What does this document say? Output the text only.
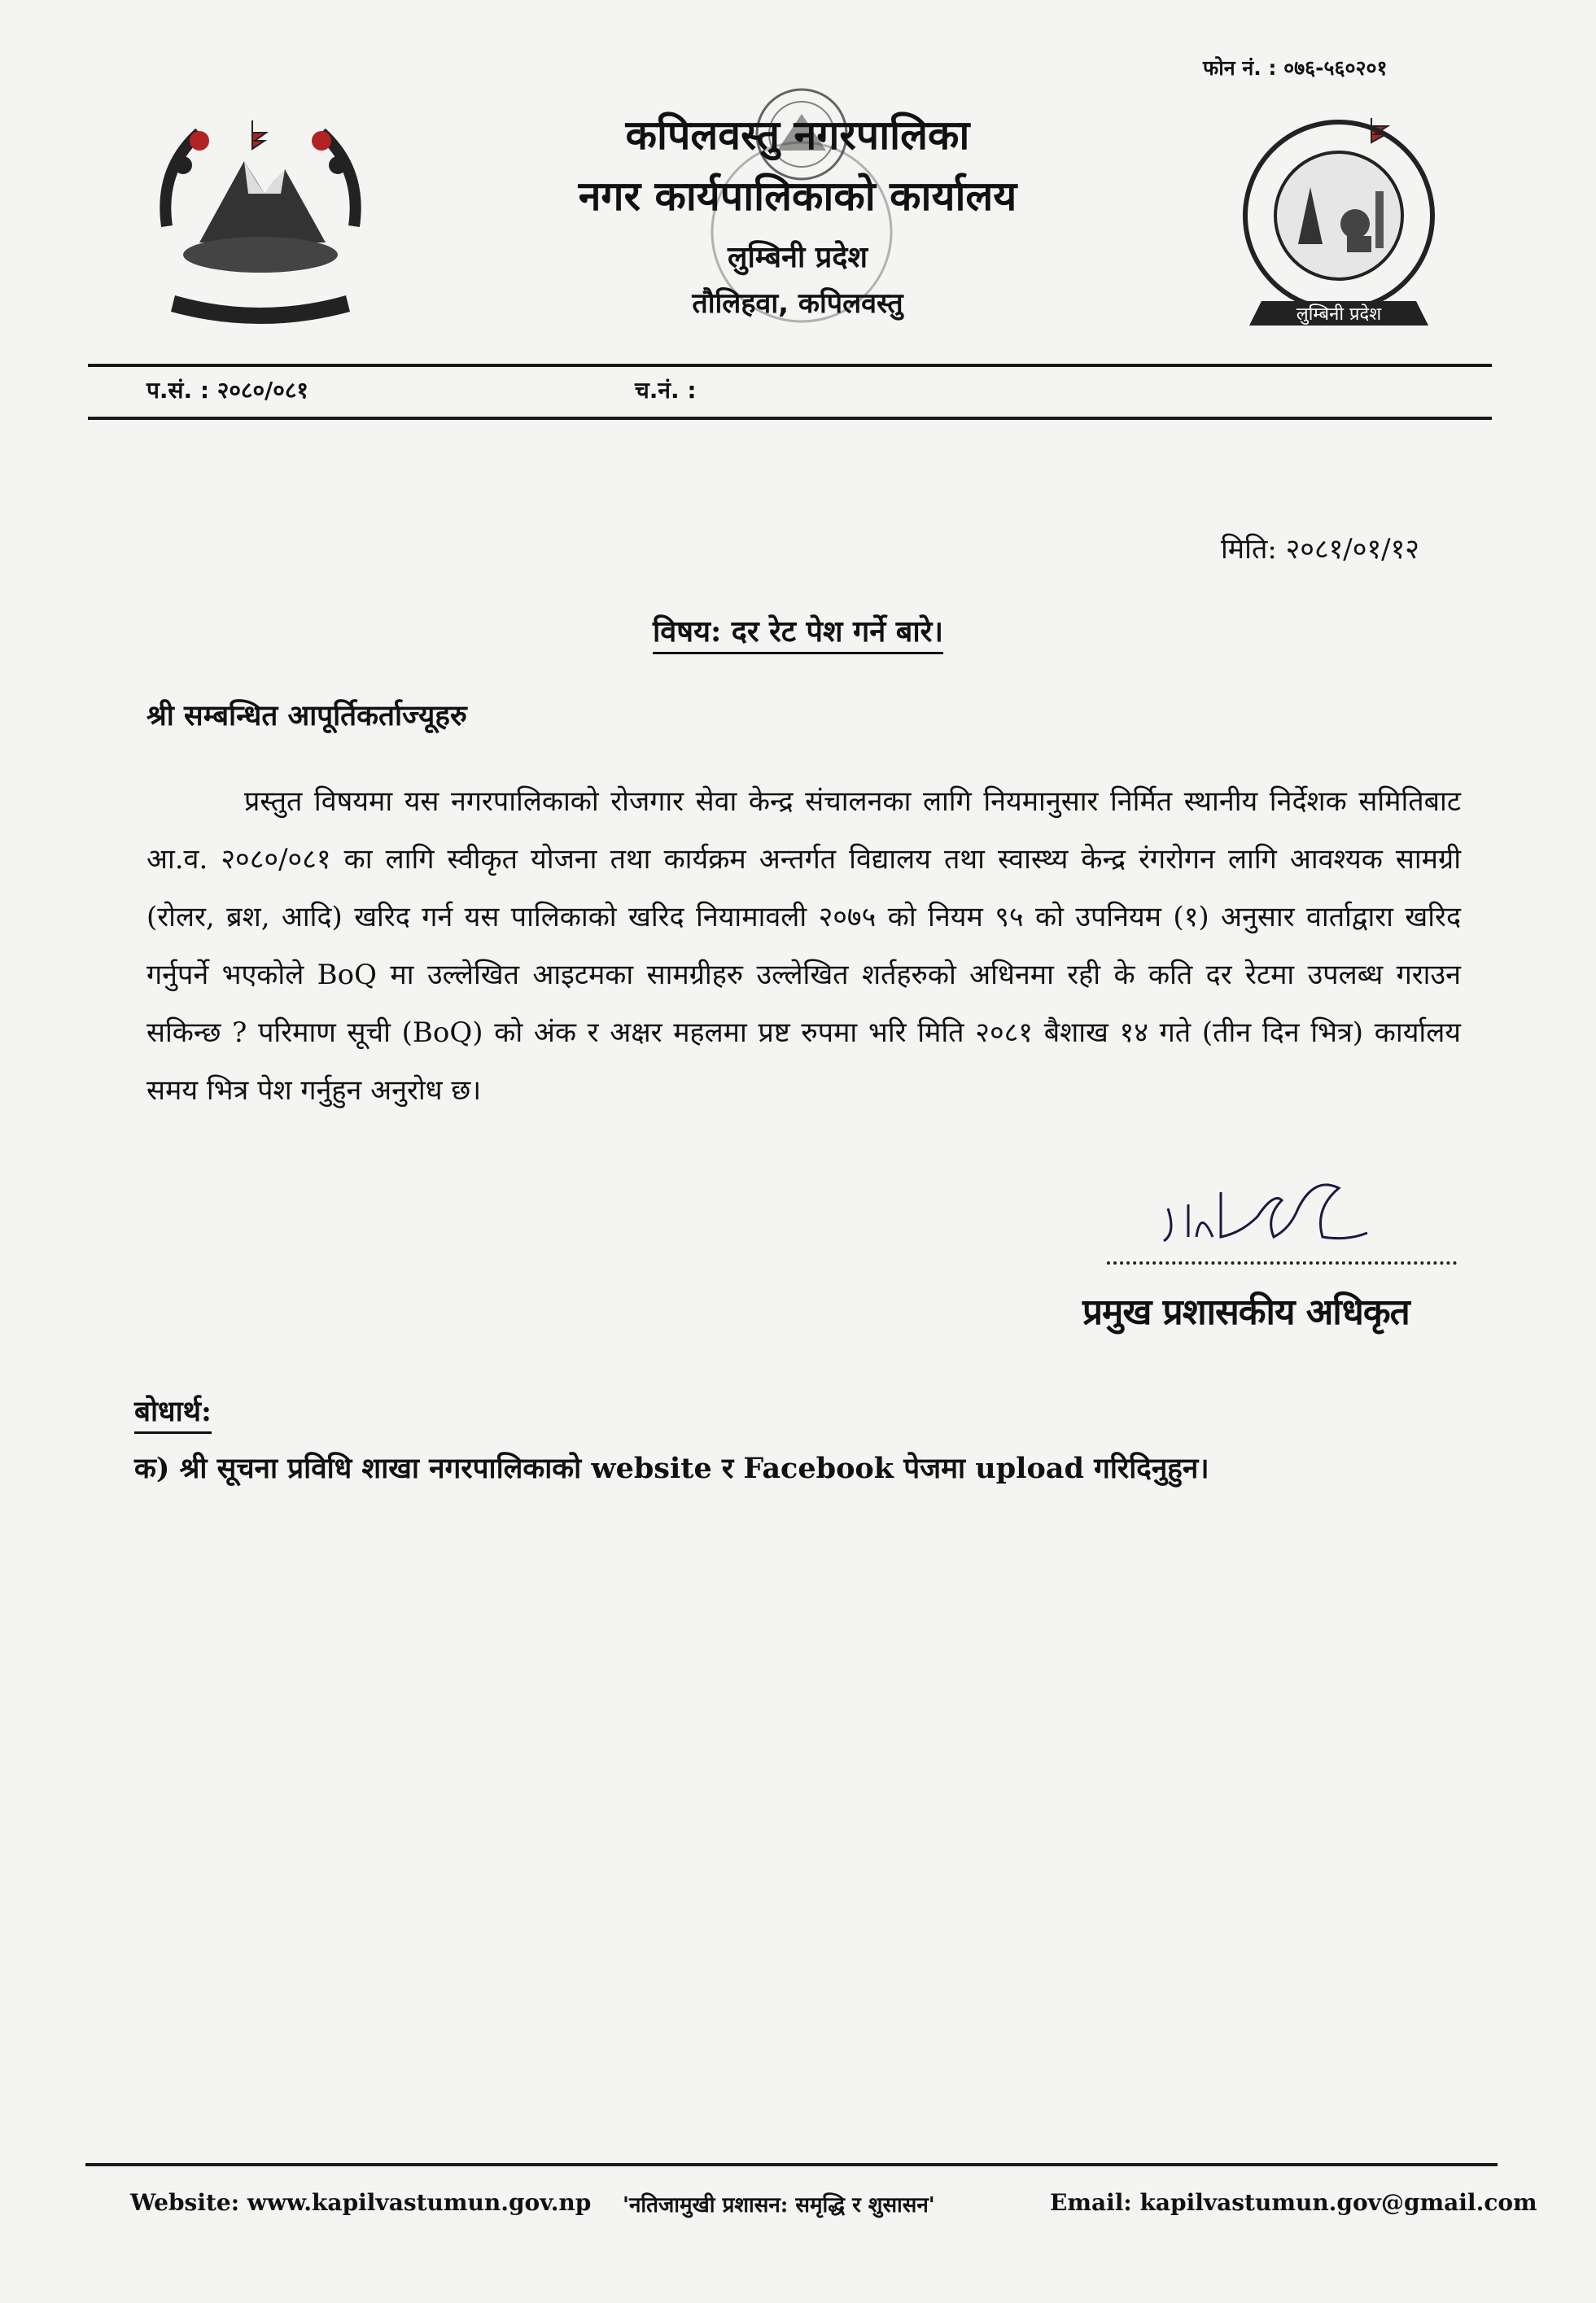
फोन नं. : ०७६-५६०२०१
कपिलवस्तु नगरपालिका
नगर कार्यपालिकाको कार्यालय
लुम्बिनी प्रदेश
तौलिहवा, कपिलवस्तु	लुम्बिनी प्रदेश
प.सं. : २०८०/०८१	च.नं. :
मिति: २०८१/०१/१२
विषय: दर रेट पेश गर्ने बारे।
श्री सम्बन्धित आपूर्तिकर्ताज्यूहरु
प्रस्तुत विषयमा यस नगरपालिकाको रोजगार सेवा केन्द्र संचालनका लागि नियमानुसार निर्मित स्थानीय निर्देशक समितिबाट आ.व. २०८०/०८१ का लागि स्वीकृत योजना तथा कार्यक्रम अन्तर्गत विद्यालय तथा स्वास्थ्य केन्द्र रंगरोगन लागि आवश्यक सामग्री (रोलर, ब्रश, आदि) खरिद गर्न यस पालिकाको खरिद नियामावली २०७५ को नियम ९५ को उपनियम (१) अनुसार वार्ताद्वारा खरिद गर्नुपर्ने भएकोले BoQ मा उल्लेखित आइटमका सामग्रीहरु उल्लेखित शर्तहरुको अधिनमा रही के कति दर रेटमा उपलब्ध गराउन सकिन्छ ? परिमाण सूची (BoQ) को अंक र अक्षर महलमा प्रष्ट रुपमा भरि मिति २०८१ बैशाख १४ गते (तीन दिन भित्र) कार्यालय समय भित्र पेश गर्नुहुन अनुरोध छ।
प्रमुख प्रशासकीय अधिकृत
बोधार्थ:
क) श्री सूचना प्रविधि शाखा नगरपालिकाको website र Facebook पेजमा upload गरिदिनुहुन।
Website: www.kapilvastumun.gov.np 'नतिजामुखी प्रशासन: समृद्धि र शुसासन'	Email: kapilvastumun.gov@gmail.com
